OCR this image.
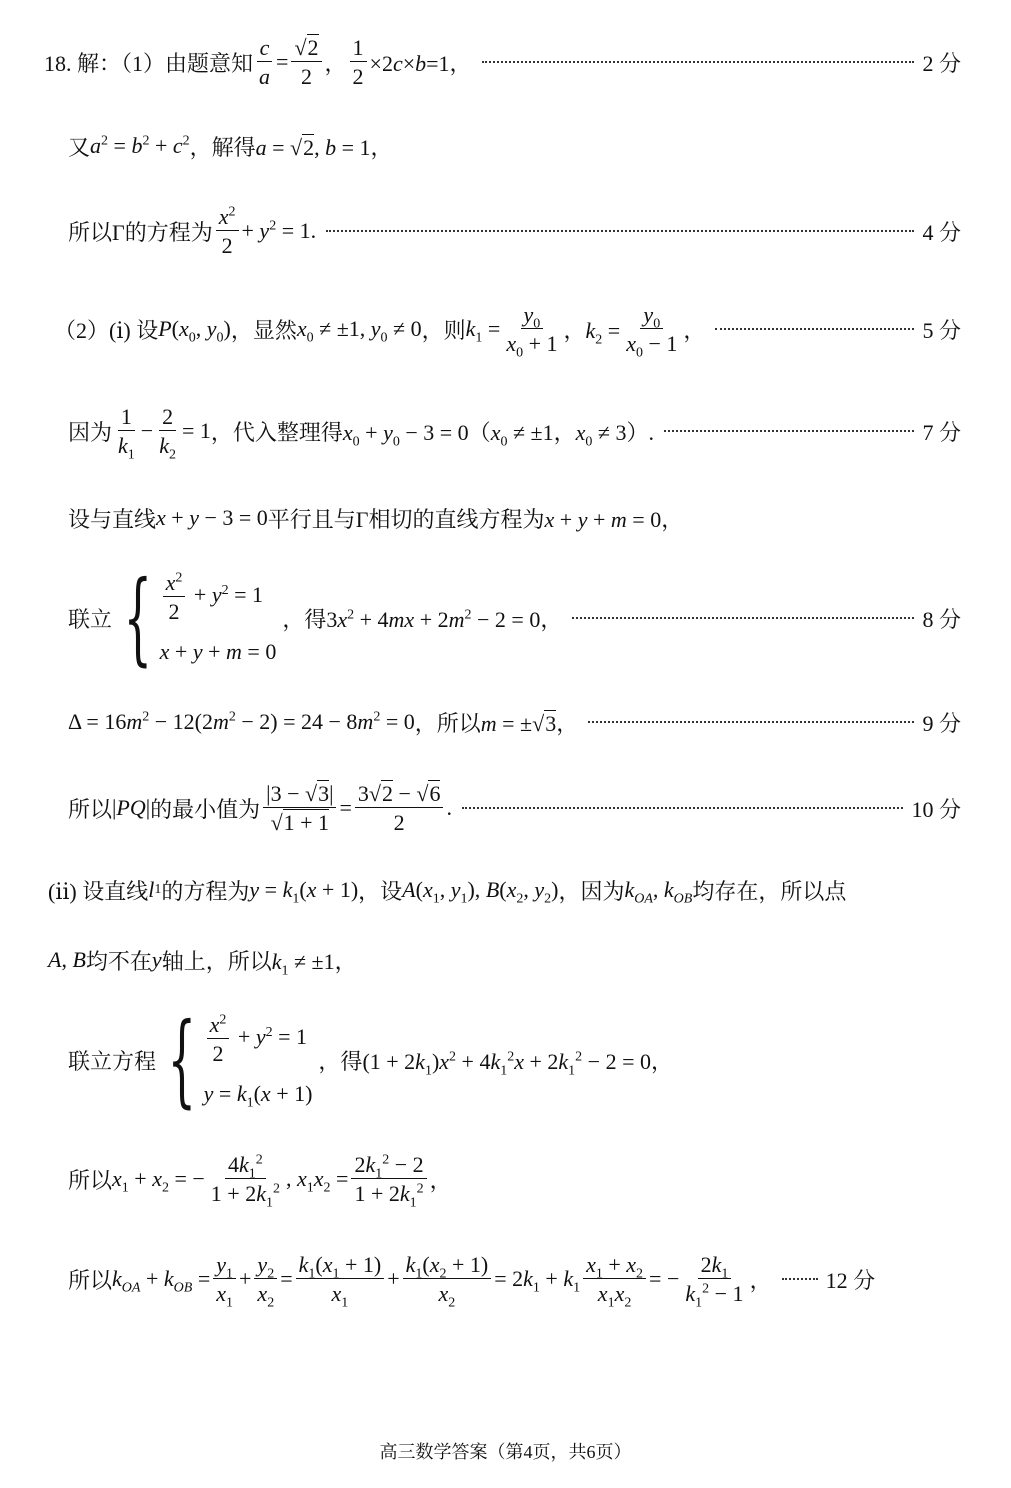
18. 解：（1）由题意知 $\frac{c}{a} = \frac{√2}{2}$ ， $\frac{1}{2} \times 2c\times b=1$，	2 分
又 $a^2 = b^2 + c^2$ ，解得 a = √2, b = 1，
所以Γ的方程为 $\frac{x^2}{2} + y^2 = 1$.	4 分
（2）(ⅰ) 设 $P(x_0$, $y_0$) ，显然 $x_0 \ne \pm 1$, $y_0 \ne 0$ ，则 $k_1 = \frac{y_0}{x_0 + 1}$ ，$k_2 = \frac{y_0}{x_0 - 1}$ ，	5 分
因为 $\frac{1}{k_1} - \frac{2}{k_2} = 1$ ，代入整理得 $x_0 + y_0 - 3 = 0(x_0 \ne \pm 1$，$x_0 \ne 3$）.	7 分
设与直线 x + y − 3 = 0 平行且与Γ相切的直线方程为 x + y + m = 0，
联立 { $\frac{x^2}{2} + y^2 = 1$
x + y + m = 0
，得 $3x^2 + 4mx + 2m^2 - 2 = 0$，	8 分
$\Delta = 16m^2 - 12(2m^2 - 2) = 24 - 8m^2 = 0$ ，所以 m = ±√3，	9 分
所以 |PQ| 的最小值为 $\frac{|3 - √3|}{√1 + 1} = \frac{3√2 - √6}{2}$ .	10 分
(ⅱ) 设直线 l 1 的方程为 $y = k_1(x + 1)$ ，设 $A(x_1$, $y_1$), $B(x_2$, $y_2$) ，因为 $k_{OA}$, $k_{OB}$ 均存在，所以点
A, B 均不在 y 轴上，所以 $k_1 \ne \pm 1$，
联立方程 { $\frac{x^2}{2} + y^2 = 1$
$y = k_1(x + 1)$
，得 $(1 + 2k_1)x^2 + 4k_1^2x + 2k_1^2 - 2 = 0$，
所以 $x_1 + x_2$ = − $\frac{4k_1^2}{1 + 2k_1^2}$ , $x_1x_2 = \frac{2k_1^2 - 2}{1 + 2k_1^2}$ ，
所以 $k_{OA} + k_{OB} = \frac{y_1}{x_1} + \frac{y_2}{x_2} = \frac{k_1(x_1 + 1)}{x_1} + \frac{k_1(x_2 + 1)}{x_2} = 2k_1 + k_1 \frac{x_1 + x_2}{x_1x_2}$ = − $\frac{2k_1}{k_1^2 - 1}$ ， 12 分
高三数学答案（第4页，共6页）
